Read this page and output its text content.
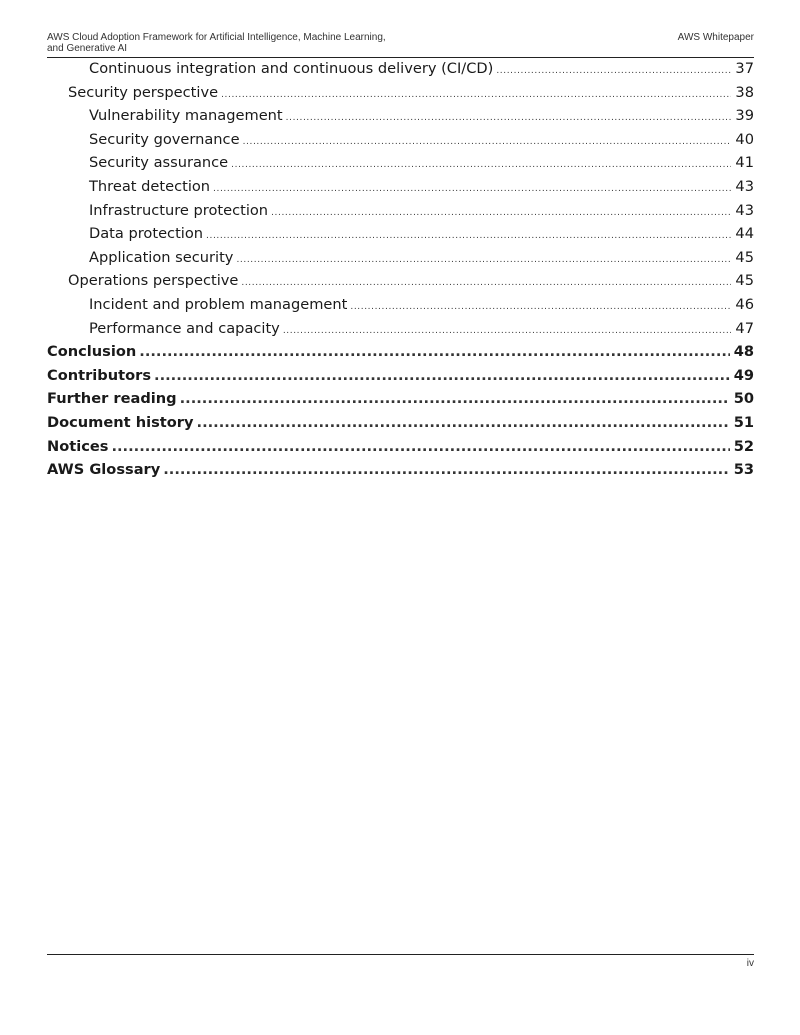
AWS Cloud Adoption Framework for Artificial Intelligence, Machine Learning,
and Generative AI
AWS Whitepaper
Continuous integration and continuous delivery (CI/CD) .....	37
Security perspective .....	38
Vulnerability management .....	39
Security governance .....	40
Security assurance .....	41
Threat detection .....	43
Infrastructure protection .....	43
Data protection .....	44
Application security .....	45
Operations perspective .....	45
Incident and problem management .....	46
Performance and capacity .....	47
Conclusion .....	48
Contributors .....	49
Further reading .....	50
Document history .....	51
Notices .....	52
AWS Glossary .....	53
iv
